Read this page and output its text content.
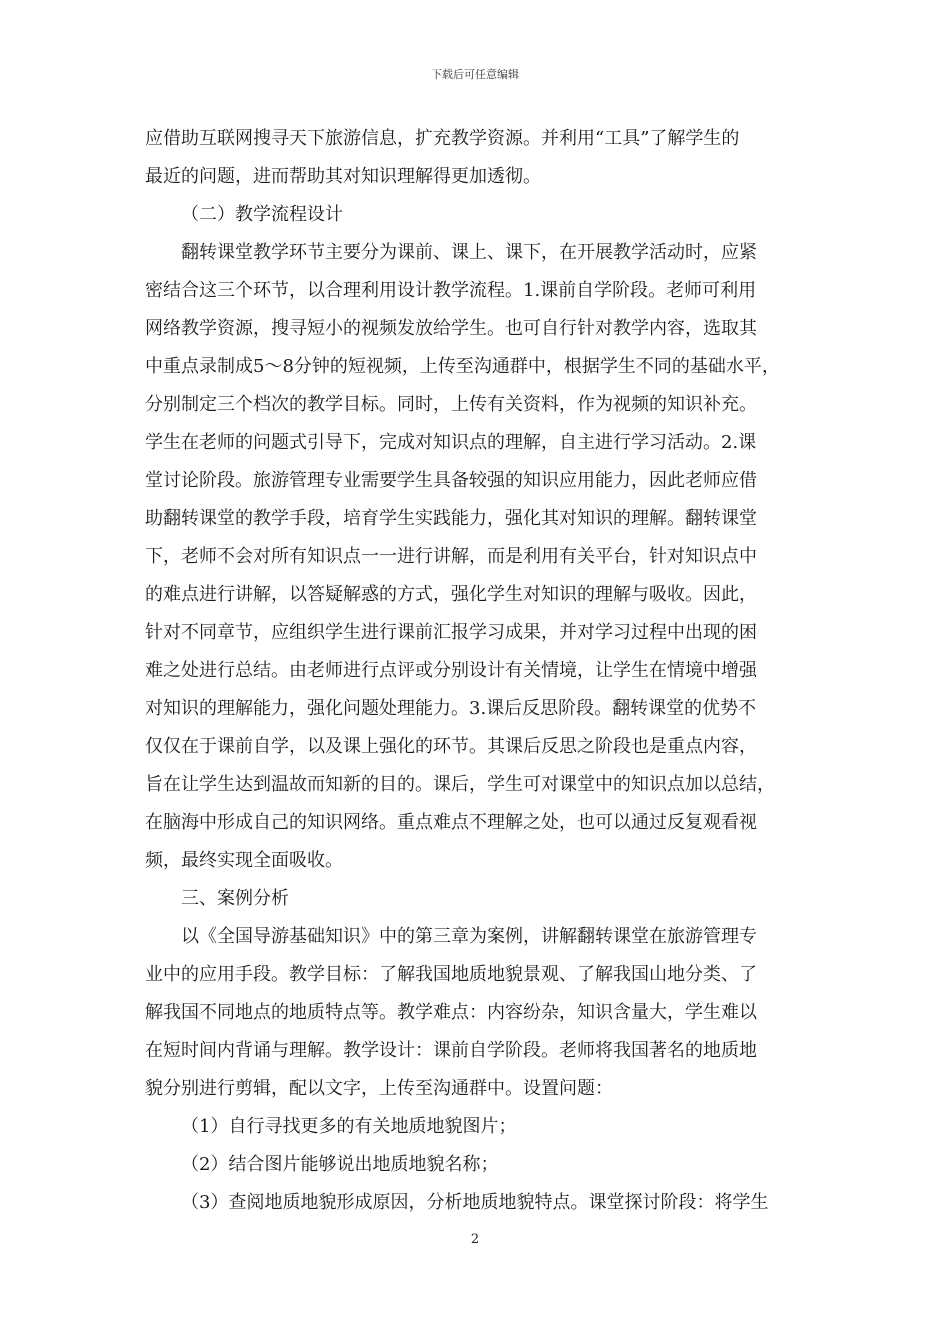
下载后可任意编辑
应借助互联网搜寻天下旅游信息，扩充教学资源。并利用“工具”了解学生的
最近的问题，进而帮助其对知识理解得更加透彻。
（二）教学流程设计
翻转课堂教学环节主要分为课前、课上、课下，在开展教学活动时，应紧
密结合这三个环节，以合理利用设计教学流程。1.课前自学阶段。老师可利用
网络教学资源，搜寻短小的视频发放给学生。也可自行针对教学内容，选取其
中重点录制成5～8分钟的短视频，上传至沟通群中，根据学生不同的基础水平，
分别制定三个档次的教学目标。同时，上传有关资料，作为视频的知识补充。
学生在老师的问题式引导下，完成对知识点的理解，自主进行学习活动。2.课
堂讨论阶段。旅游管理专业需要学生具备较强的知识应用能力，因此老师应借
助翻转课堂的教学手段，培育学生实践能力，强化其对知识的理解。翻转课堂
下，老师不会对所有知识点一一进行讲解，而是利用有关平台，针对知识点中
的难点进行讲解，以答疑解惑的方式，强化学生对知识的理解与吸收。因此，
针对不同章节，应组织学生进行课前汇报学习成果，并对学习过程中出现的困
难之处进行总结。由老师进行点评或分别设计有关情境，让学生在情境中增强
对知识的理解能力，强化问题处理能力。3.课后反思阶段。翻转课堂的优势不
仅仅在于课前自学，以及课上强化的环节。其课后反思之阶段也是重点内容，
旨在让学生达到温故而知新的目的。课后，学生可对课堂中的知识点加以总结，
在脑海中形成自己的知识网络。重点难点不理解之处，也可以通过反复观看视
频，最终实现全面吸收。
三、案例分析
以《全国导游基础知识》中的第三章为案例，讲解翻转课堂在旅游管理专
业中的应用手段。教学目标：了解我国地质地貌景观、了解我国山地分类、了
解我国不同地点的地质特点等。教学难点：内容纷杂，知识含量大，学生难以
在短时间内背诵与理解。教学设计：课前自学阶段。老师将我国著名的地质地
貌分别进行剪辑，配以文字，上传至沟通群中。设置问题：
（1）自行寻找更多的有关地质地貌图片；
（2）结合图片能够说出地质地貌名称；
（3）查阅地质地貌形成原因，分析地质地貌特点。课堂探讨阶段：将学生
2
